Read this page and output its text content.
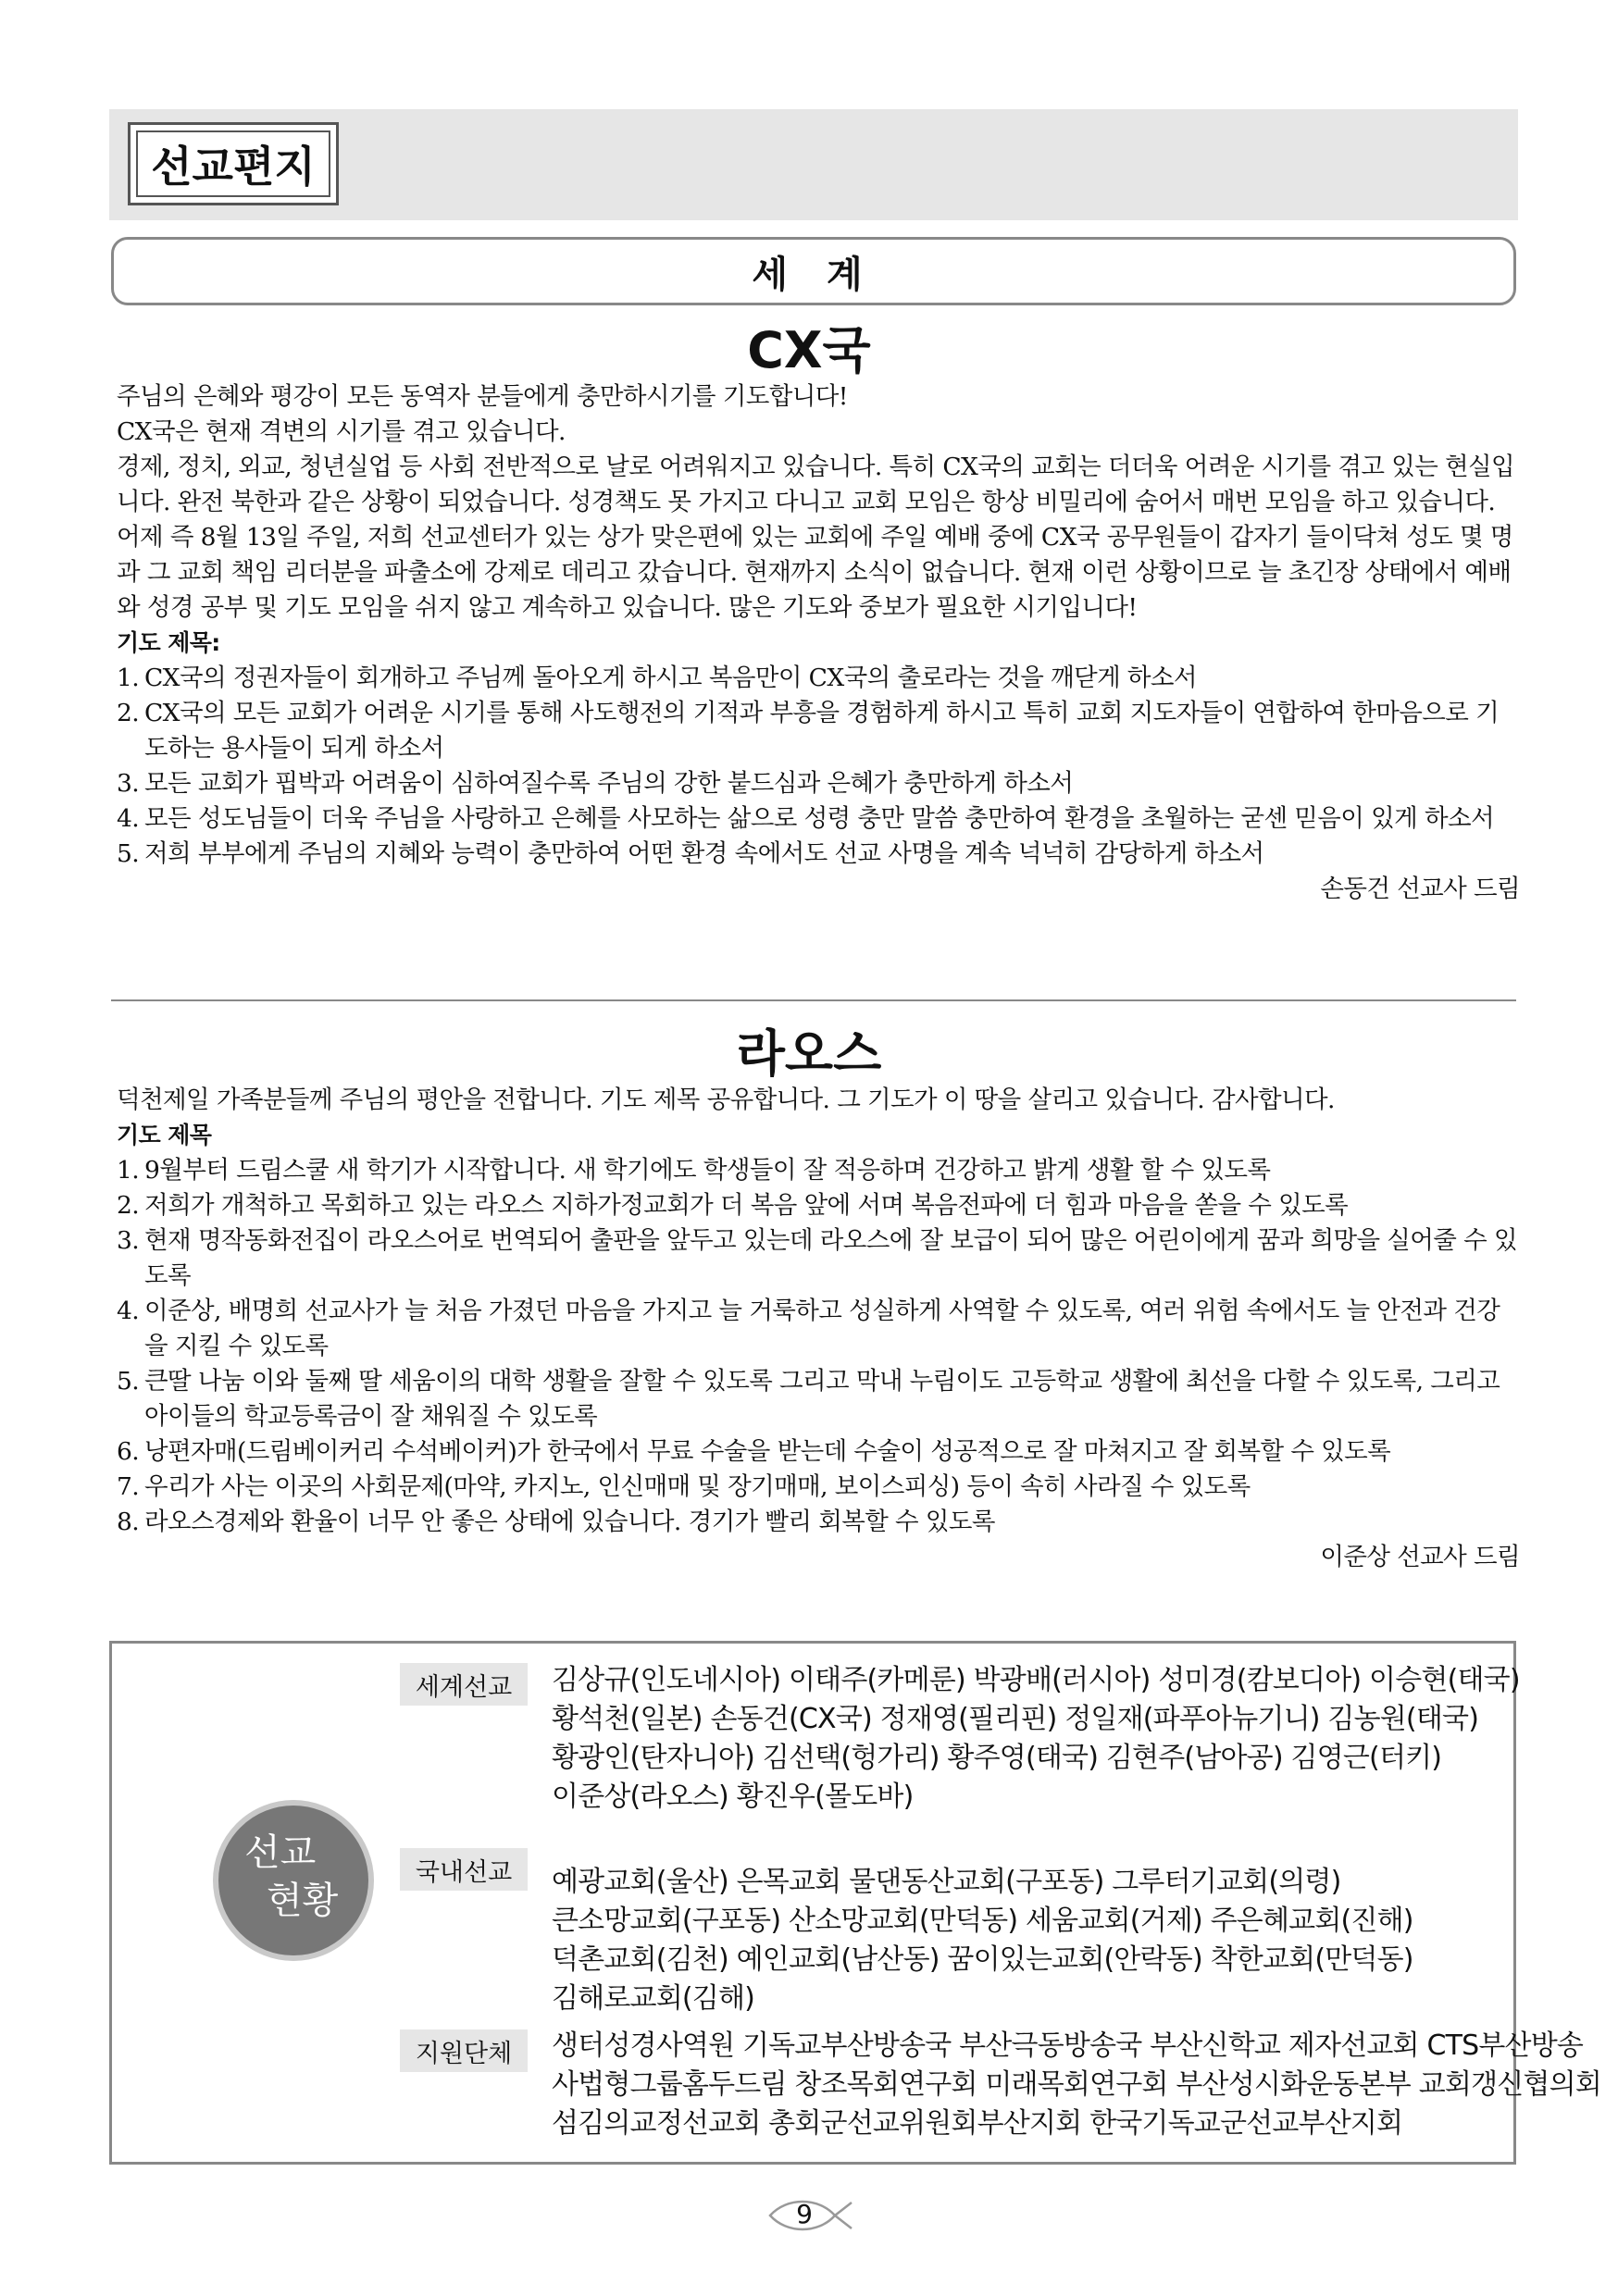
선교편지
세 계
CX국

주님의 은혜와 평강이 모든 동역자 분들에게 충만하시기를 기도합니다!

CX국은 현재 격변의 시기를 겪고 있습니다.

경제, 정치, 외교, 청년실업 등 사회 전반적으로 날로 어려워지고 있습니다. 특히 CX국의 교회는 더더욱 어려운 시기를 겪고 있는 현실입니다. 완전 북한과 같은 상황이 되었습니다. 성경책도 못 가지고 다니고 교회 모임은 항상 비밀리에 숨어서 매번 모임을 하고 있습니다. 어제 즉 8월 13일 주일, 저희 선교센터가 있는 상가 맞은편에 있는 교회에 주일 예배 중에 CX국 공무원들이 갑자기 들이닥쳐 성도 몇 명과 그 교회 책임 리더분을 파출소에 강제로 데리고 갔습니다. 현재까지 소식이 없습니다. 현재 이런 상황이므로 늘 초긴장 상태에서 예배와 성경 공부 및 기도 모임을 쉬지 않고 계속하고 있습니다. 많은 기도와 중보가 필요한 시기입니다!

기도 제목:

1. CX국의 정권자들이 회개하고 주님께 돌아오게 하시고 복음만이 CX국의 출로라는 것을 깨닫게 하소서
2. CX국의 모든 교회가 어려운 시기를 통해 사도행전의 기적과 부흥을 경험하게 하시고 특히 교회 지도자들이 연합하여 한마음으로 기도하는 용사들이 되게 하소서
3. 모든 교회가 핍박과 어려움이 심하여질수록 주님의 강한 붙드심과 은혜가 충만하게 하소서
4. 모든 성도님들이 더욱 주님을 사랑하고 은혜를 사모하는 삶으로 성령 충만 말씀 충만하여 환경을 초월하는 굳센 믿음이 있게 하소서
5. 저희 부부에게 주님의 지혜와 능력이 충만하여 어떤 환경 속에서도 선교 사명을 계속 넉넉히 감당하게 하소서

손동건 선교사 드림

라오스

덕천제일 가족분들께 주님의 평안을 전합니다. 기도 제목 공유합니다. 그 기도가 이 땅을 살리고 있습니다. 감사합니다.

기도 제목

1. 9월부터 드림스쿨 새 학기가 시작합니다. 새 학기에도 학생들이 잘 적응하며 건강하고 밝게 생활 할 수 있도록
2. 저희가 개척하고 목회하고 있는 라오스 지하가정교회가 더 복음 앞에 서며 복음전파에 더 힘과 마음을 쏟을 수 있도록
3. 현재 명작동화전집이 라오스어로 번역되어 출판을 앞두고 있는데 라오스에 잘 보급이 되어 많은 어린이에게 꿈과 희망을 실어줄 수 있도록
4. 이준상, 배명희 선교사가 늘 처음 가졌던 마음을 가지고 늘 거룩하고 성실하게 사역할 수 있도록, 여러 위험 속에서도 늘 안전과 건강을 지킬 수 있도록
5. 큰딸 나눔 이와 둘째 딸 세움이의 대학 생활을 잘할 수 있도록 그리고 막내 누림이도 고등학교 생활에 최선을 다할 수 있도록, 그리고 아이들의 학교등록금이 잘 채워질 수 있도록
6. 낭편자매(드림베이커리 수석베이커)가 한국에서 무료 수술을 받는데 수술이 성공적으로 잘 마쳐지고 잘 회복할 수 있도록
7. 우리가 사는 이곳의 사회문제(마약, 카지노, 인신매매 및 장기매매, 보이스피싱) 등이 속히 사라질 수 있도록
8. 라오스경제와 환율이 너무 안 좋은 상태에 있습니다. 경기가 빨리 회복할 수 있도록

이준상 선교사 드림

선교
현황
세계선교	김상규(인도네시아) 이태주(카메룬) 박광배(러시아) 성미경(캄보디아) 이승현(태국)

황석천(일본) 손동건(CX국) 정재영(필리핀) 정일재(파푸아뉴기니) 김농원(태국)

황광인(탄자니아) 김선택(헝가리) 황주영(태국) 김현주(남아공) 김영근(터키)

이준상(라오스) 황진우(몰도바)

국내선교	예광교회(울산) 은목교회 물댄동산교회(구포동) 그루터기교회(의령)

큰소망교회(구포동) 산소망교회(만덕동) 세움교회(거제) 주은혜교회(진해)

덕촌교회(김천) 예인교회(남산동) 꿈이있는교회(안락동) 착한교회(만덕동)

김해로교회(김해)

지원단체	생터성경사역원 기독교부산방송국 부산극동방송국 부산신학교 제자선교회 CTS부산방송

사법형그룹홈두드림 창조목회연구회 미래목회연구회 부산성시화운동본부 교회갱신협의회

섬김의교정선교회 총회군선교위원회부산지회 한국기독교군선교부산지회

9
